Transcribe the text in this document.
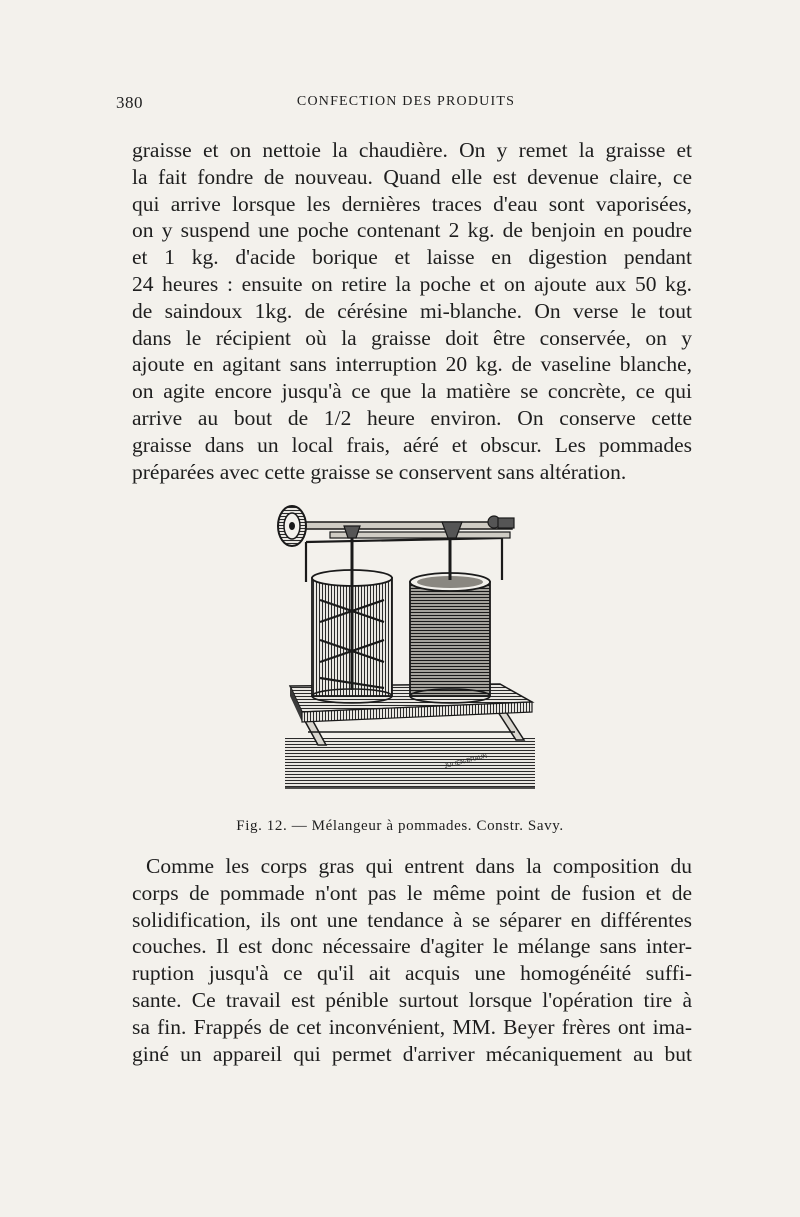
380	CONFECTION DES PRODUITS
graisse et on nettoie la chaudière. On y remet la graisse et
la fait fondre de nouveau. Quand elle est devenue claire, ce
qui arrive lorsque les dernières traces d'eau sont vaporisées,
on y suspend une poche contenant 2 kg. de benjoin en poudre
et 1 kg. d'acide borique et laisse en digestion pendant
24 heures : ensuite on retire la poche et on ajoute aux 50 kg.
de saindoux 1kg. de cérésine mi-blanche. On verse le tout
dans le récipient où la graisse doit être conservée, on y
ajoute en agitant sans interruption 20 kg. de vaseline blanche,
on agite encore jusqu'à ce que la matière se concrète, ce qui
arrive au bout de 1/2 heure environ. On conserve cette
graisse dans un local frais, aéré et obscur. Les pommades
préparées avec cette graisse se conservent sans altération.
JULIEN-BRAUN
Fig. 12. — Mélangeur à pommades. Constr. Savy.
Comme les corps gras qui entrent dans la composition du
corps de pommade n'ont pas le même point de fusion et de
solidification, ils ont une tendance à se séparer en différentes
couches. Il est donc nécessaire d'agiter le mélange sans inter-
ruption jusqu'à ce qu'il ait acquis une homogénéité suffi-
sante. Ce travail est pénible surtout lorsque l'opération tire à
sa fin. Frappés de cet inconvénient, MM. Beyer frères ont ima-
giné un appareil qui permet d'arriver mécaniquement au but
